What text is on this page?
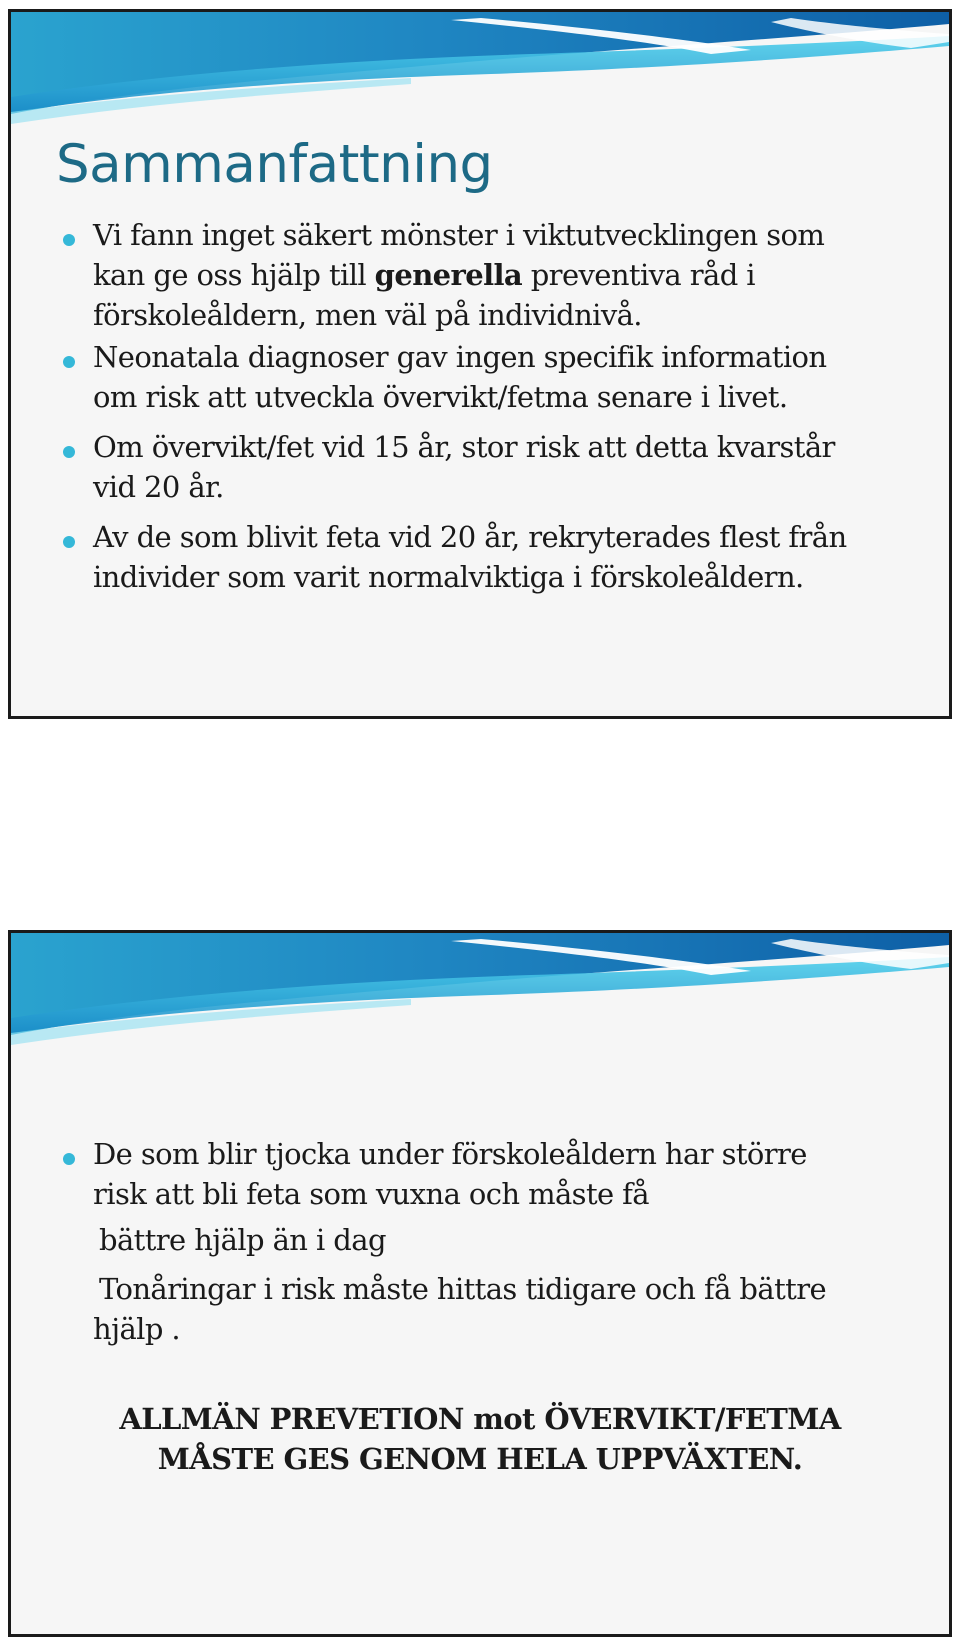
Sammanfattning
Vi fann inget säkert mönster i viktutvecklingen som
kan ge oss hjälp till generella preventiva råd i
förskoleåldern, men väl på individnivå.
Neonatala diagnoser gav ingen specifik information
om risk att utveckla övervikt/fetma senare i livet.
Om övervikt/fet vid 15 år, stor risk att detta kvarstår
vid 20 år.
Av de som blivit feta vid 20 år, rekryterades flest från
individer som varit normalviktiga i förskoleåldern.
De som blir tjocka under förskoleåldern har större
risk att bli feta som vuxna och måste få
bättre hjälp än i dag
Tonåringar i risk måste hittas tidigare och få bättre
hjälp .
ALLMÄN PREVETION mot ÖVERVIKT/FETMA
MÅSTE GES GENOM HELA UPPVÄXTEN.
